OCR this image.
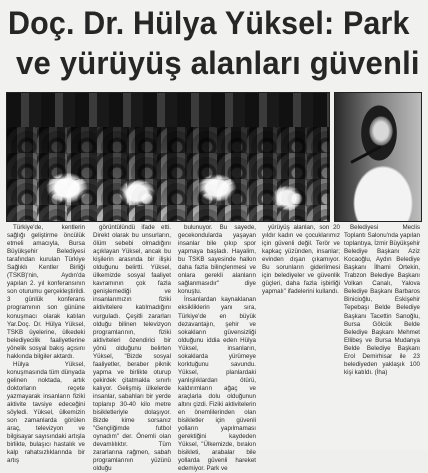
Doç. Dr. Hülya Yüksel: Park
ve yürüyüş alanları güvenli

Türkiye'de, kentlerin sağlığı geliştirme öncülük etmeli amacıyla, Bursa Büyükşehir Belediyesi tarafından kurulan Türkiye Sağlıklı Kentler Birliği (TSKB)'nin, Aydın'da yapılan 2. yıl konferansının son oturumu gerçekleştirildi. 3 günlük konferans programının son gününe konuşmacı olarak katılan Yar.Doç. Dr. Hülya Yüksel, TSKB üyelerine, ülkedeki belediyecilik faaliyetlerine yönelik sosyal bakış açısını hakkında bilgiler aktardı.

Hülya Yüksel, konuşmasında tüm dünyada gelinen noktada, artık doktorların reçete yazmayarak insanların fiziki aktivite tavsiye edeceğini söyledi. Yüksel, ülkemizin son zamanlarda görülen araç, televizyon ve bilgisayar sayısındaki artışla birlikte, bulaşıcı hastalık ve kalp rahatsızlıklarında bir artış

görüntülündü ifade etti. Direkt olarak bu unsurların, ölüm sebebi olmadığını açıklayan Yüksel, ancak bu kişilerin arasında bir ilişki olduğunu belirtti. Yüksel, ülkemizde sosyal faaliyet kavramının çok fazla genişlemediği ve insanlarımızın fiziki aktivitelere katılmadığını vurguladı. Çeşitli zararları olduğu bilinen televizyon programlarının, fiziki aktiviteleri özendirici bir yönü olduğunu belirten Yüksel, "Bizde sosyal faaliyetler, beraber piknik yapma ve birlikte oturup çekirdek çitatmakla sınırlı kalıyor. Gelişmiş ülkelerde insanlar, sabahları bir yerde toplanıp 30-40 kilo metre bisikletleriyle dolaşıyor. Bizde kime sorsanız "Gençliğimde futbol oynadım" der. Önemli olan devamlılıktır. Tüm zararlarına rağmen, sabah programlarının yüzünü olduğu

bulunuyor. Bu sayede, gecekondularda yaşayan insanlar bile çıkıp spor yapmaya başladı. Hayalim, bu TSKB sayesinde halkın daha fazla bilinçlenmesi ve onlara gerekli alanların sağlanmasıdır" diye konuştu.

İnsanlardan kaynaklanan eksikliklerin yanı sıra, Türkiye'de en büyük dezavantajın, şehir ve sokakların güvensizliği olduğunu iddia eden Hülya Yüksel, insanların, sokaklarda yürümeye korktuğunu savundu. Yüksel, planlardaki yanlışlıklardan ötürü, kaldırımların ağaç ve araçlarla dolu olduğunun altını çizdi. Fiziki aktivitelerin en önemlilerinden olan bisikletler için güvenli yolların yapılmaması gerektiğini kaydeden Yüksel, "Ülkemizde, bırakın bisikleti, arabalar bile yollarda güvenli hareket edemiyor. Park ve

yürüyüş alanları, son 20 yıldır kadın ve çocuklarımız için güvenli değil. Terör ve kapkaç yüzünden, insanlar; evinden dışarı çıkamıyor. Bu sorunların giderilmesi için belediyeler ve güvenlik güçleri, daha fazla işbirliği yapmalı" ifadelerini kullandı.

Belediyesi Meclis Toplantı Salonu'nda yapılan toplantıya, İzmir Büyükşehir Belediye Başkanı Aziz Kocaoğlu, Aydın Belediye Başkanı İlhami Ortekin, Trabzon Belediye Başkanı Volkan Canalı, Yalova Belediye Başkanı Barbaros Binicioğlu, Eskişehir Tepebaşı Belde Belediye Başkanı Tacettin Sanoğlu, Bursa Gölcük Belde Belediye Başkanı Mehmet Ellibeş ve Bursa Mudanya Belde Belediye Başkanı Erol Demirhisar ile 23 belediyeden yaklaşık 100 kişi katıldı. (İha)
